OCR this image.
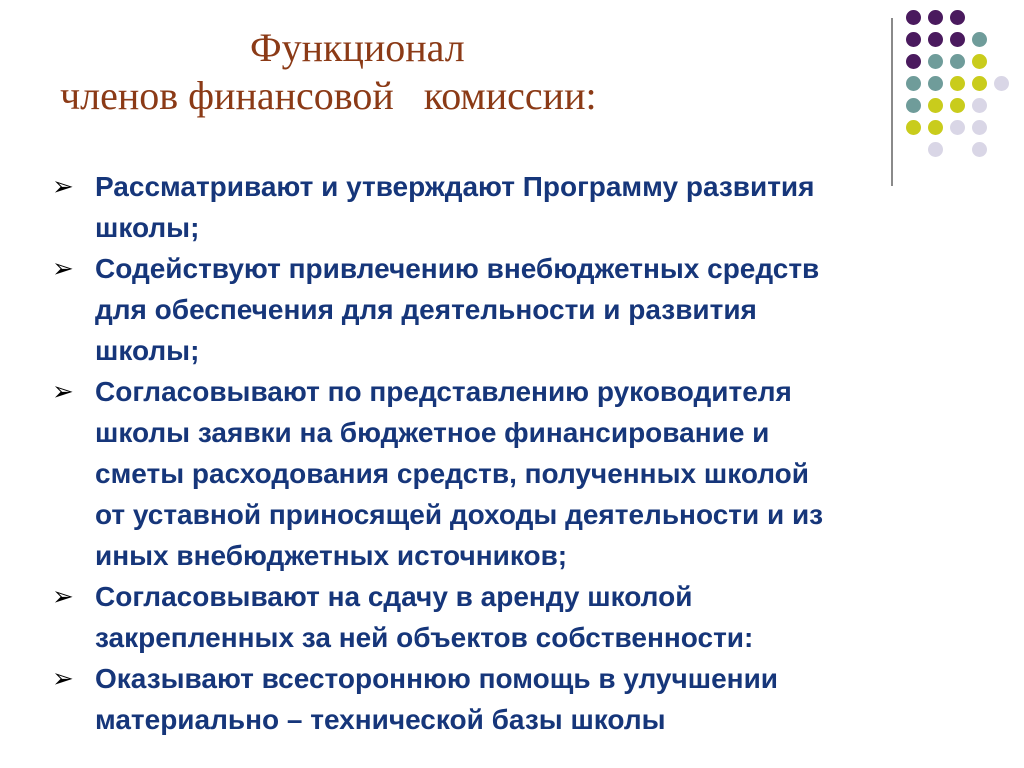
Функционал
членов финансовой   комиссии:
➢ Рассматривают и утверждают Программу развития
школы;
➢ Содействуют привлечению внебюджетных средств
для обеспечения для деятельности и развития
школы;
➢ Согласовывают по представлению руководителя
школы заявки на бюджетное финансирование и
сметы расходования средств, полученных школой
от уставной приносящей доходы деятельности и из
иных внебюджетных источников;
➢ Согласовывают на сдачу в аренду школой
закрепленных за ней объектов собственности:
➢ Оказывают всестороннюю помощь в улучшении
материально – технической базы школы
